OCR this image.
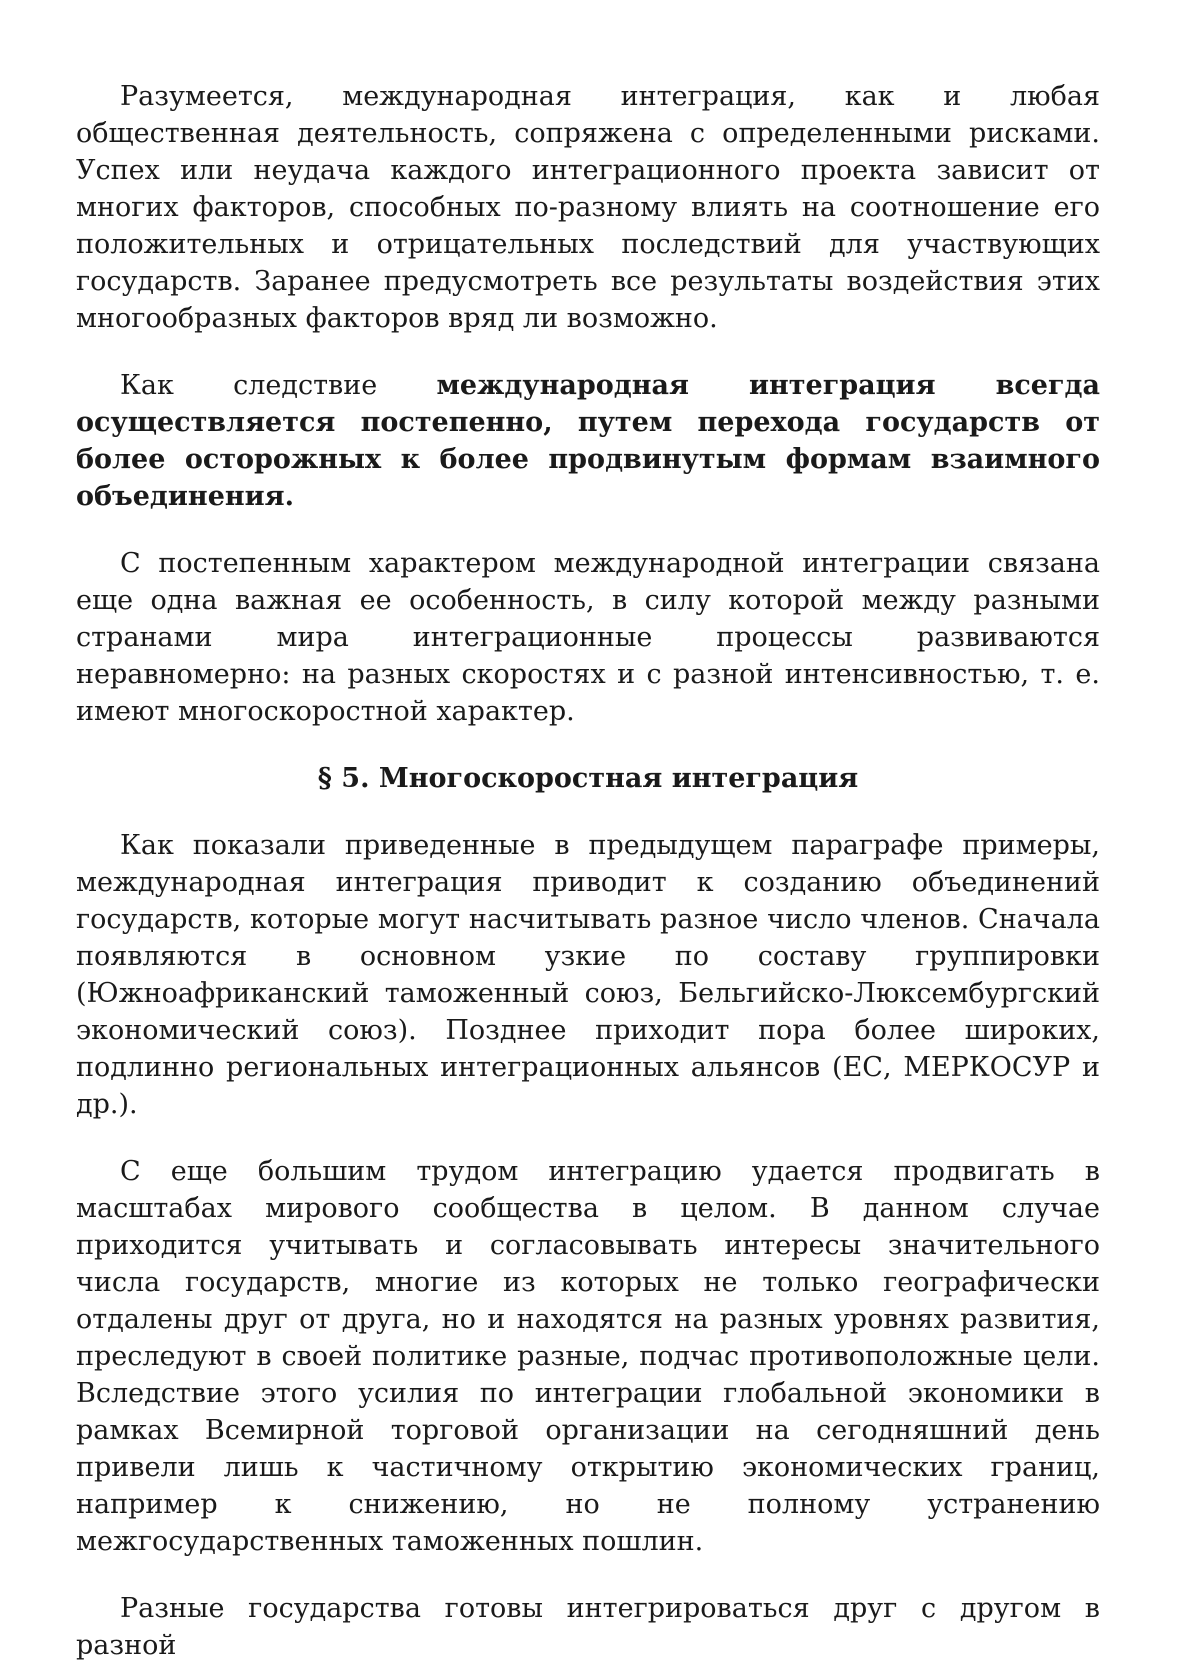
Разумеется, международная интеграция, как и любая общественная деятельность, сопряжена с определенными рисками. Успех или неудача каждого интеграционного проекта зависит от многих факторов, способных по-разному влиять на соотношение его положительных и отрицательных последствий для участвующих государств. Заранее предусмотреть все результаты воздействия этих многообразных факторов вряд ли возможно.

Как следствие международная интеграция всегда осуществляется постепенно, путем перехода государств от более осторожных к более продвинутым формам взаимного объединения.

С постепенным характером международной интеграции связана еще одна важная ее особенность, в силу которой между разными странами мира интеграционные процессы развиваются неравномерно: на разных скоростях и с разной интенсивностью, т. е. имеют многоскоростной характер.

§ 5. Многоскоростная интеграция

Как показали приведенные в предыдущем параграфе примеры, международная интеграция приводит к созданию объединений государств, которые могут насчитывать разное число членов. Сначала появляются в основном узкие по составу группировки (Южноафриканский таможенный союз, Бельгийско-Люксембургский экономический союз). Позднее приходит пора более широких, подлинно региональных интеграционных альянсов (ЕС, МЕРКОСУР и др.).

С еще большим трудом интеграцию удается продвигать в масштабах мирового сообщества в целом. В данном случае приходится учитывать и согласовывать интересы значительного числа государств, многие из которых не только географически отдалены друг от друга, но и находятся на разных уровнях развития, преследуют в своей политике разные, подчас противоположные цели. Вследствие этого усилия по интеграции глобальной экономики в рамках Всемирной торговой организации на сегодняшний день привели лишь к частичному открытию экономических границ, например к снижению, но не полному устранению межгосударственных таможенных пошлин.

Разные государства готовы интегрироваться друг с другом в разной
